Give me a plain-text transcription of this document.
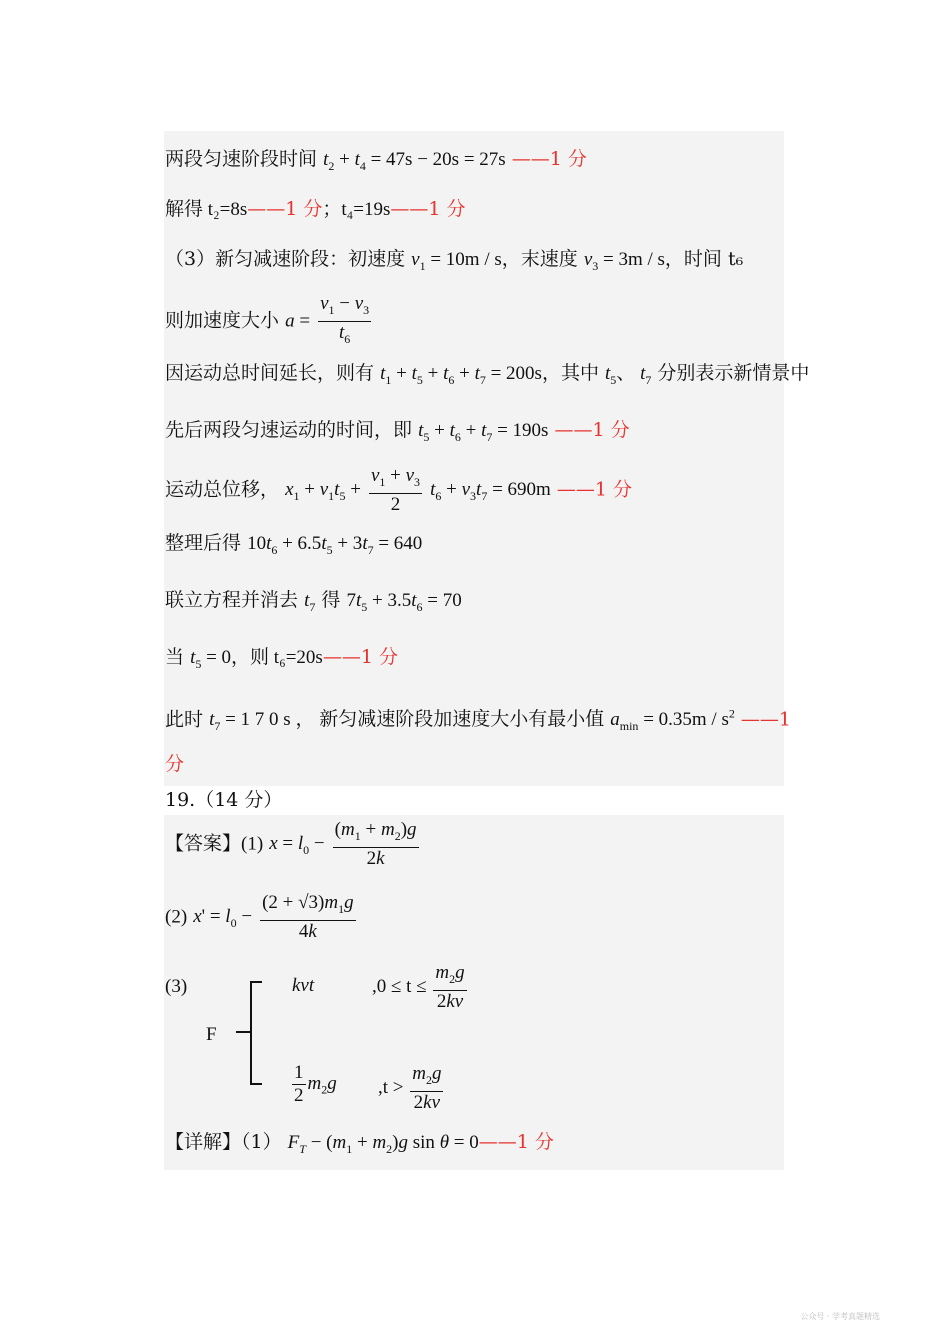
两段匀速阶段时间 $t_2 + t_4 = 47s - 20s = 27s$ ——1 分
解得 t₂=8s——1 分；t₄=19s——1 分
（3）新匀减速阶段：初速度 $v_1 = 10m / s$，末速度 $v_3 = 3m / s$，时间 t₆
则加速度大小 $a = \frac{v_1 - v_3}{t_6}$
因运动总时间延长，则有 $t_1 + t_5 + t_6 + t_7 = 200s$，其中 $t_5$、 $t_7$ 分别表示新情景中
先后两段匀速运动的时间，即 $t_5 + t_6 + t_7 = 190s$ ——1 分
运动总位移， $x_1 + v_1t_5 + \frac{v_1 + v_3}{2} t_6 + v_3t_7 = 690m$ ——1 分
整理后得 $10t_6 + 6.5t_5 + 3t_7 = 640$
联立方程并消去 $t_7$ 得 $7t_5 + 3.5t_6 = 70$
当 $t_5 = 0$，则 t₆=20s——1 分
此时 $t_7 = 1$ 7 0 s ， 新匀减速阶段加速度大小有最小值 $a_{min} = 0.35m / s^2$ ——1
分
19.（14 分）
【答案】(1) $x = l_0 - \frac{(m_1 + m_2)g}{2k}$
(2) $x' = l_0 - \frac{(2 + √3)m_1g}{4k}$
(3)
F
kvt	$,0 \le t \le \frac{m_2g}{2kv}$
$\frac{1}{2} m_2g$ $,t > \frac{m_2g}{2kv}$
【详解】（1） $F_T - (m_1 + m_2)g$ sin θ = 0——1 分
公众号 · 学考真题精选
